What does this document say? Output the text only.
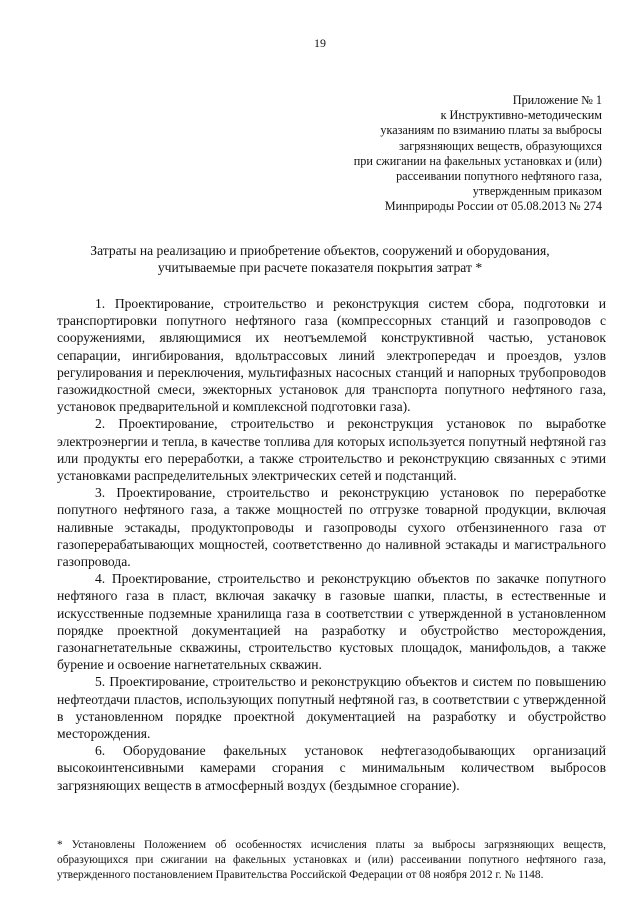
19
Приложение № 1
к Инструктивно-методическим
указаниям по взиманию платы за выбросы
загрязняющих веществ, образующихся
при сжигании на факельных установках и (или)
рассеивании попутного нефтяного газа,
утвержденным приказом
Минприроды России от 05.08.2013 № 274
Затраты на реализацию и приобретение объектов, сооружений и оборудования,
учитываемые при расчете показателя покрытия затрат *

1. Проектирование, строительство и реконструкция систем сбора, подготовки и транспортировки попутного нефтяного газа (компрессорных станций и газопроводов с сооружениями, являющимися их неотъемлемой конструктивной частью, установок сепарации, ингибирования, вдольтрассовых линий электропередач и проездов, узлов регулирования и переключения, мультифазных насосных станций и напорных трубопроводов газожидкостной смеси, эжекторных установок для транспорта попутного нефтяного газа, установок предварительной и комплексной подготовки газа).

2. Проектирование, строительство и реконструкция установок по выработке электроэнергии и тепла, в качестве топлива для которых используется попутный нефтяной газ или продукты его переработки, а также строительство и реконструкцию связанных с этими установками распределительных электрических сетей и подстанций.

3. Проектирование, строительство и реконструкцию установок по переработке попутного нефтяного газа, а также мощностей по отгрузке товарной продукции, включая наливные эстакады, продуктопроводы и газопроводы сухого отбензиненного газа от газоперерабатывающих мощностей, соответственно до наливной эстакады и магистрального газопровода.

4. Проектирование, строительство и реконструкцию объектов по закачке попутного нефтяного газа в пласт, включая закачку в газовые шапки, пласты, в естественные и искусственные подземные хранилища газа в соответствии с утвержденной в установленном порядке проектной документацией на разработку и обустройство месторождения, газонагнетательные скважины, строительство кустовых площадок, манифольдов, а также бурение и освоение нагнетательных скважин.

5. Проектирование, строительство и реконструкцию объектов и систем по повышению нефтеотдачи пластов, использующих попутный нефтяной газ, в соответствии с утвержденной в установленном порядке проектной документацией на разработку и обустройство месторождения.

6. Оборудование факельных установок нефтегазодобывающих организаций высокоинтенсивными камерами сгорания с минимальным количеством выбросов загрязняющих веществ в атмосферный воздух (бездымное сгорание).

* Установлены Положением об особенностях исчисления платы за выбросы загрязняющих веществ, образующихся при сжигании на факельных установках и (или) рассеивании попутного нефтяного газа, утвержденного постановлением Правительства Российской Федерации от 08 ноября 2012 г. № 1148.
